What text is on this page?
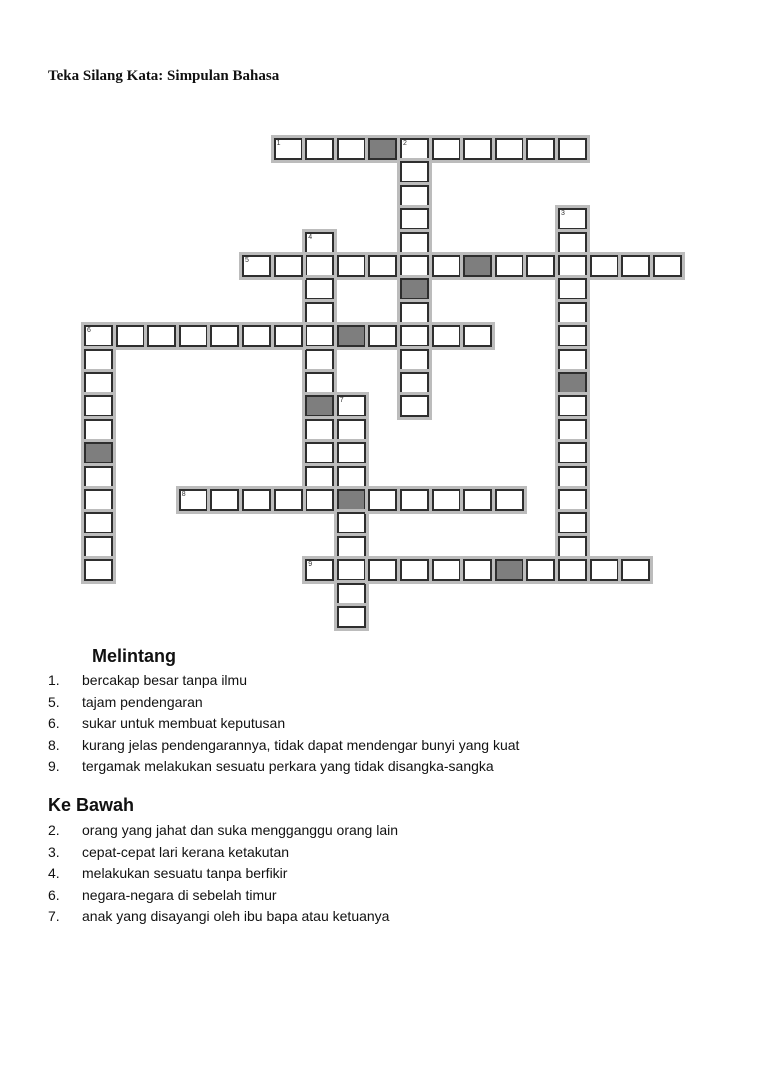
Teka Silang Kata: Simpulan Bahasa
1	2
3
4
5
6
7
8
9
Melintang
1.	bercakap besar tanpa ilmu
5.	tajam pendengaran
6.	sukar untuk membuat keputusan
8.	kurang jelas pendengarannya, tidak dapat mendengar bunyi yang kuat
9.	tergamak melakukan sesuatu perkara yang tidak disangka-sangka
Ke Bawah
2.	orang yang jahat dan suka mengganggu orang lain
3.	cepat-cepat lari kerana ketakutan
4.	melakukan sesuatu tanpa berfikir
6.	negara-negara di sebelah timur
7.	anak yang disayangi oleh ibu bapa atau ketuanya
